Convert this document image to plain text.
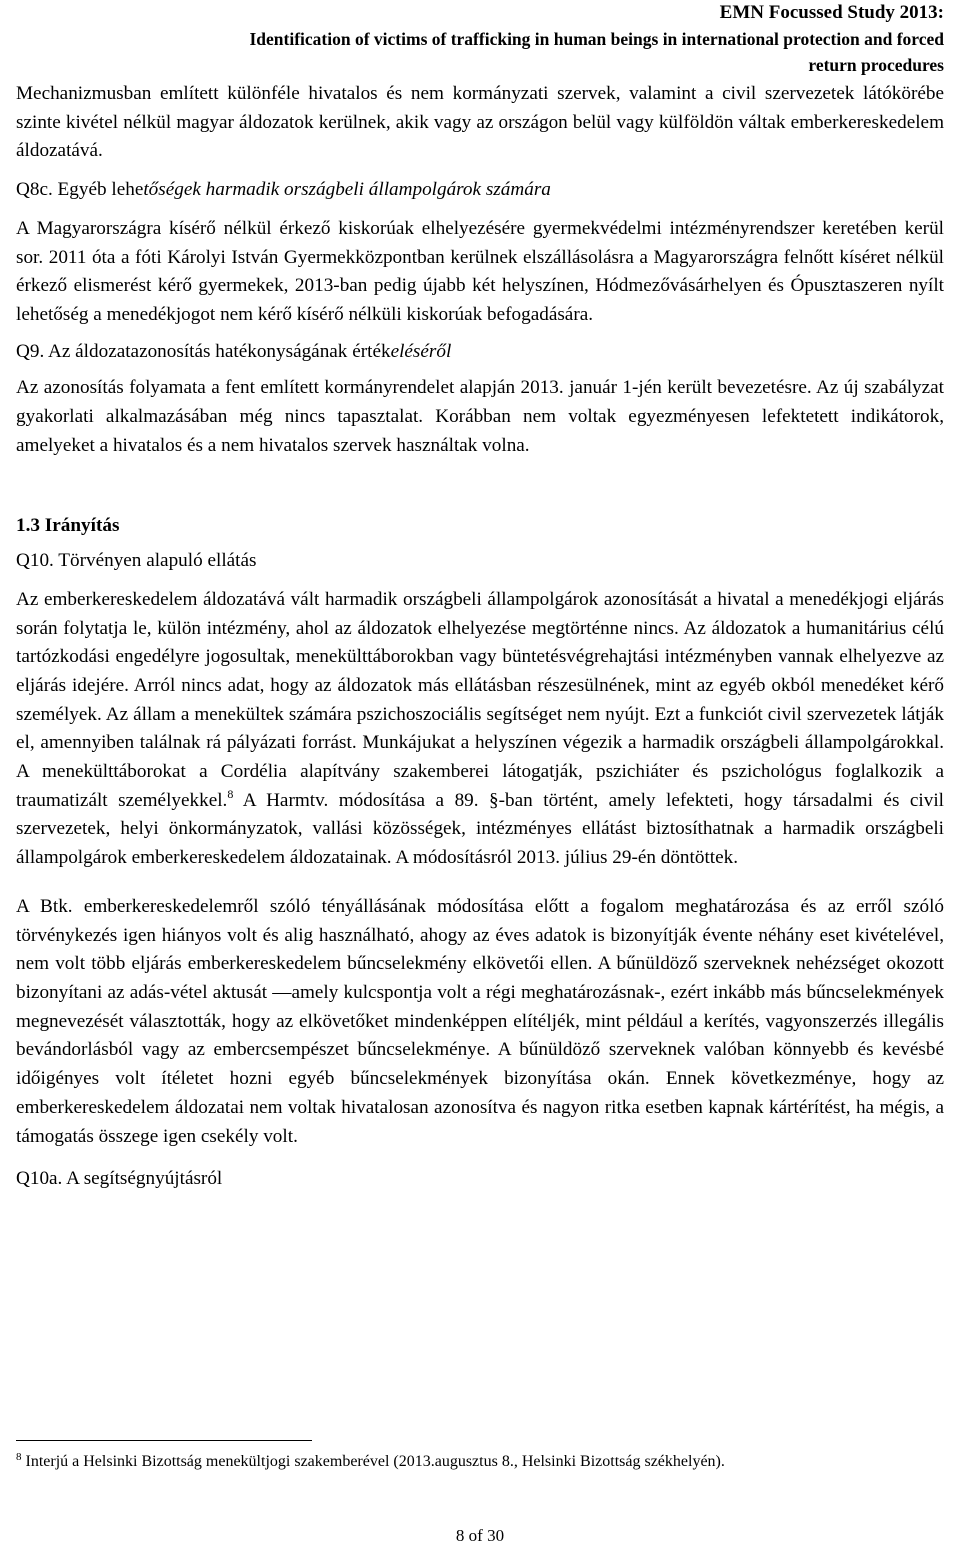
EMN Focussed Study 2013:
Identification of victims of trafficking in human beings in international protection and forced
return procedures

Mechanizmusban említett különféle hivatalos és nem kormányzati szervek, valamint a civil szervezetek látókörébe szinte kivétel nélkül magyar áldozatok kerülnek, akik vagy az országon belül vagy külföldön váltak emberkereskedelem áldozatává.

Q8c. Egyéb lehetőségek harmadik országbeli állampolgárok számára

A Magyarországra kísérő nélkül érkező kiskorúak elhelyezésére gyermekvédelmi intézményrendszer keretében kerül sor. 2011 óta a fóti Károlyi István Gyermekközpontban kerülnek elszállásolásra a Magyarországra felnőtt kíséret nélkül érkező elismerést kérő gyermekek, 2013-ban pedig újabb két helyszínen, Hódmezővásárhelyen és Ópusztaszeren nyílt lehetőség a menedékjogot nem kérő kísérő nélküli kiskorúak befogadására.

Q9. Az áldozatazonosítás hatékonyságának értékeléséről

Az azonosítás folyamata a fent említett kormányrendelet alapján 2013. január 1-jén került bevezetésre. Az új szabályzat gyakorlati alkalmazásában még nincs tapasztalat. Korábban nem voltak egyezményesen lefektetett indikátorok, amelyeket a hivatalos és a nem hivatalos szervek használtak volna.

1.3 Irányítás

Q10. Törvényen alapuló ellátás

Az emberkereskedelem áldozatává vált harmadik országbeli állampolgárok azonosítását a hivatal a menedékjogi eljárás során folytatja le, külön intézmény, ahol az áldozatok elhelyezése megtörténne nincs. Az áldozatok a humanitárius célú tartózkodási engedélyre jogosultak, menekülttáborokban vagy büntetésvégrehajtási intézményben vannak elhelyezve az eljárás idejére. Arról nincs adat, hogy az áldozatok más ellátásban részesülnének, mint az egyéb okból menedéket kérő személyek. Az állam a menekültek számára pszichoszociális segítséget nem nyújt. Ezt a funkciót civil szervezetek látják el, amennyiben találnak rá pályázati forrást. Munkájukat a helyszínen végezik a harmadik országbeli állampolgárokkal. A menekülttáborokat a Cordélia alapítvány szakemberei látogatják, pszichiáter és pszichológus foglalkozik a traumatizált személyekkel.$^8$ A Harmtv. módosítása a 89. §-ban történt, amely lefekteti, hogy társadalmi és civil szervezetek, helyi önkormányzatok, vallási közösségek, intézményes ellátást biztosíthatnak a harmadik országbeli állampolgárok emberkereskedelem áldozatainak. A módosításról 2013. július 29-én döntöttek.

A Btk. emberkereskedelemről szóló tényállásának módosítása előtt a fogalom meghatározása és az erről szóló törvénykezés igen hiányos volt és alig használható, ahogy az éves adatok is bizonyítják évente néhány eset kivételével, nem volt több eljárás emberkereskedelem bűncselekmény elkövetői ellen. A bűnüldöző szerveknek nehézséget okozott bizonyítani az adás-vétel aktusát —amely kulcspontja volt a régi meghatározásnak-, ezért inkább más bűncselekmények megnevezését választották, hogy az elkövetőket mindenképpen elítéljék, mint például a kerítés, vagyonszerzés illegális bevándorlásból vagy az embercsempészet bűncselekménye. A bűnüldöző szerveknek valóban könnyebb és kevésbé időigényes volt ítéletet hozni egyéb bűncselekmények bizonyítása okán. Ennek következménye, hogy az emberkereskedelem áldozatai nem voltak hivatalosan azonosítva és nagyon ritka esetben kapnak kártérítést, ha mégis, a támogatás összege igen csekély volt.

Q10a. A segítségnyújtásról

$^8$ Interjú a Helsinki Bizottság menekültjogi szakemberével (2013.augusztus 8., Helsinki Bizottság székhelyén).
8 of 30
